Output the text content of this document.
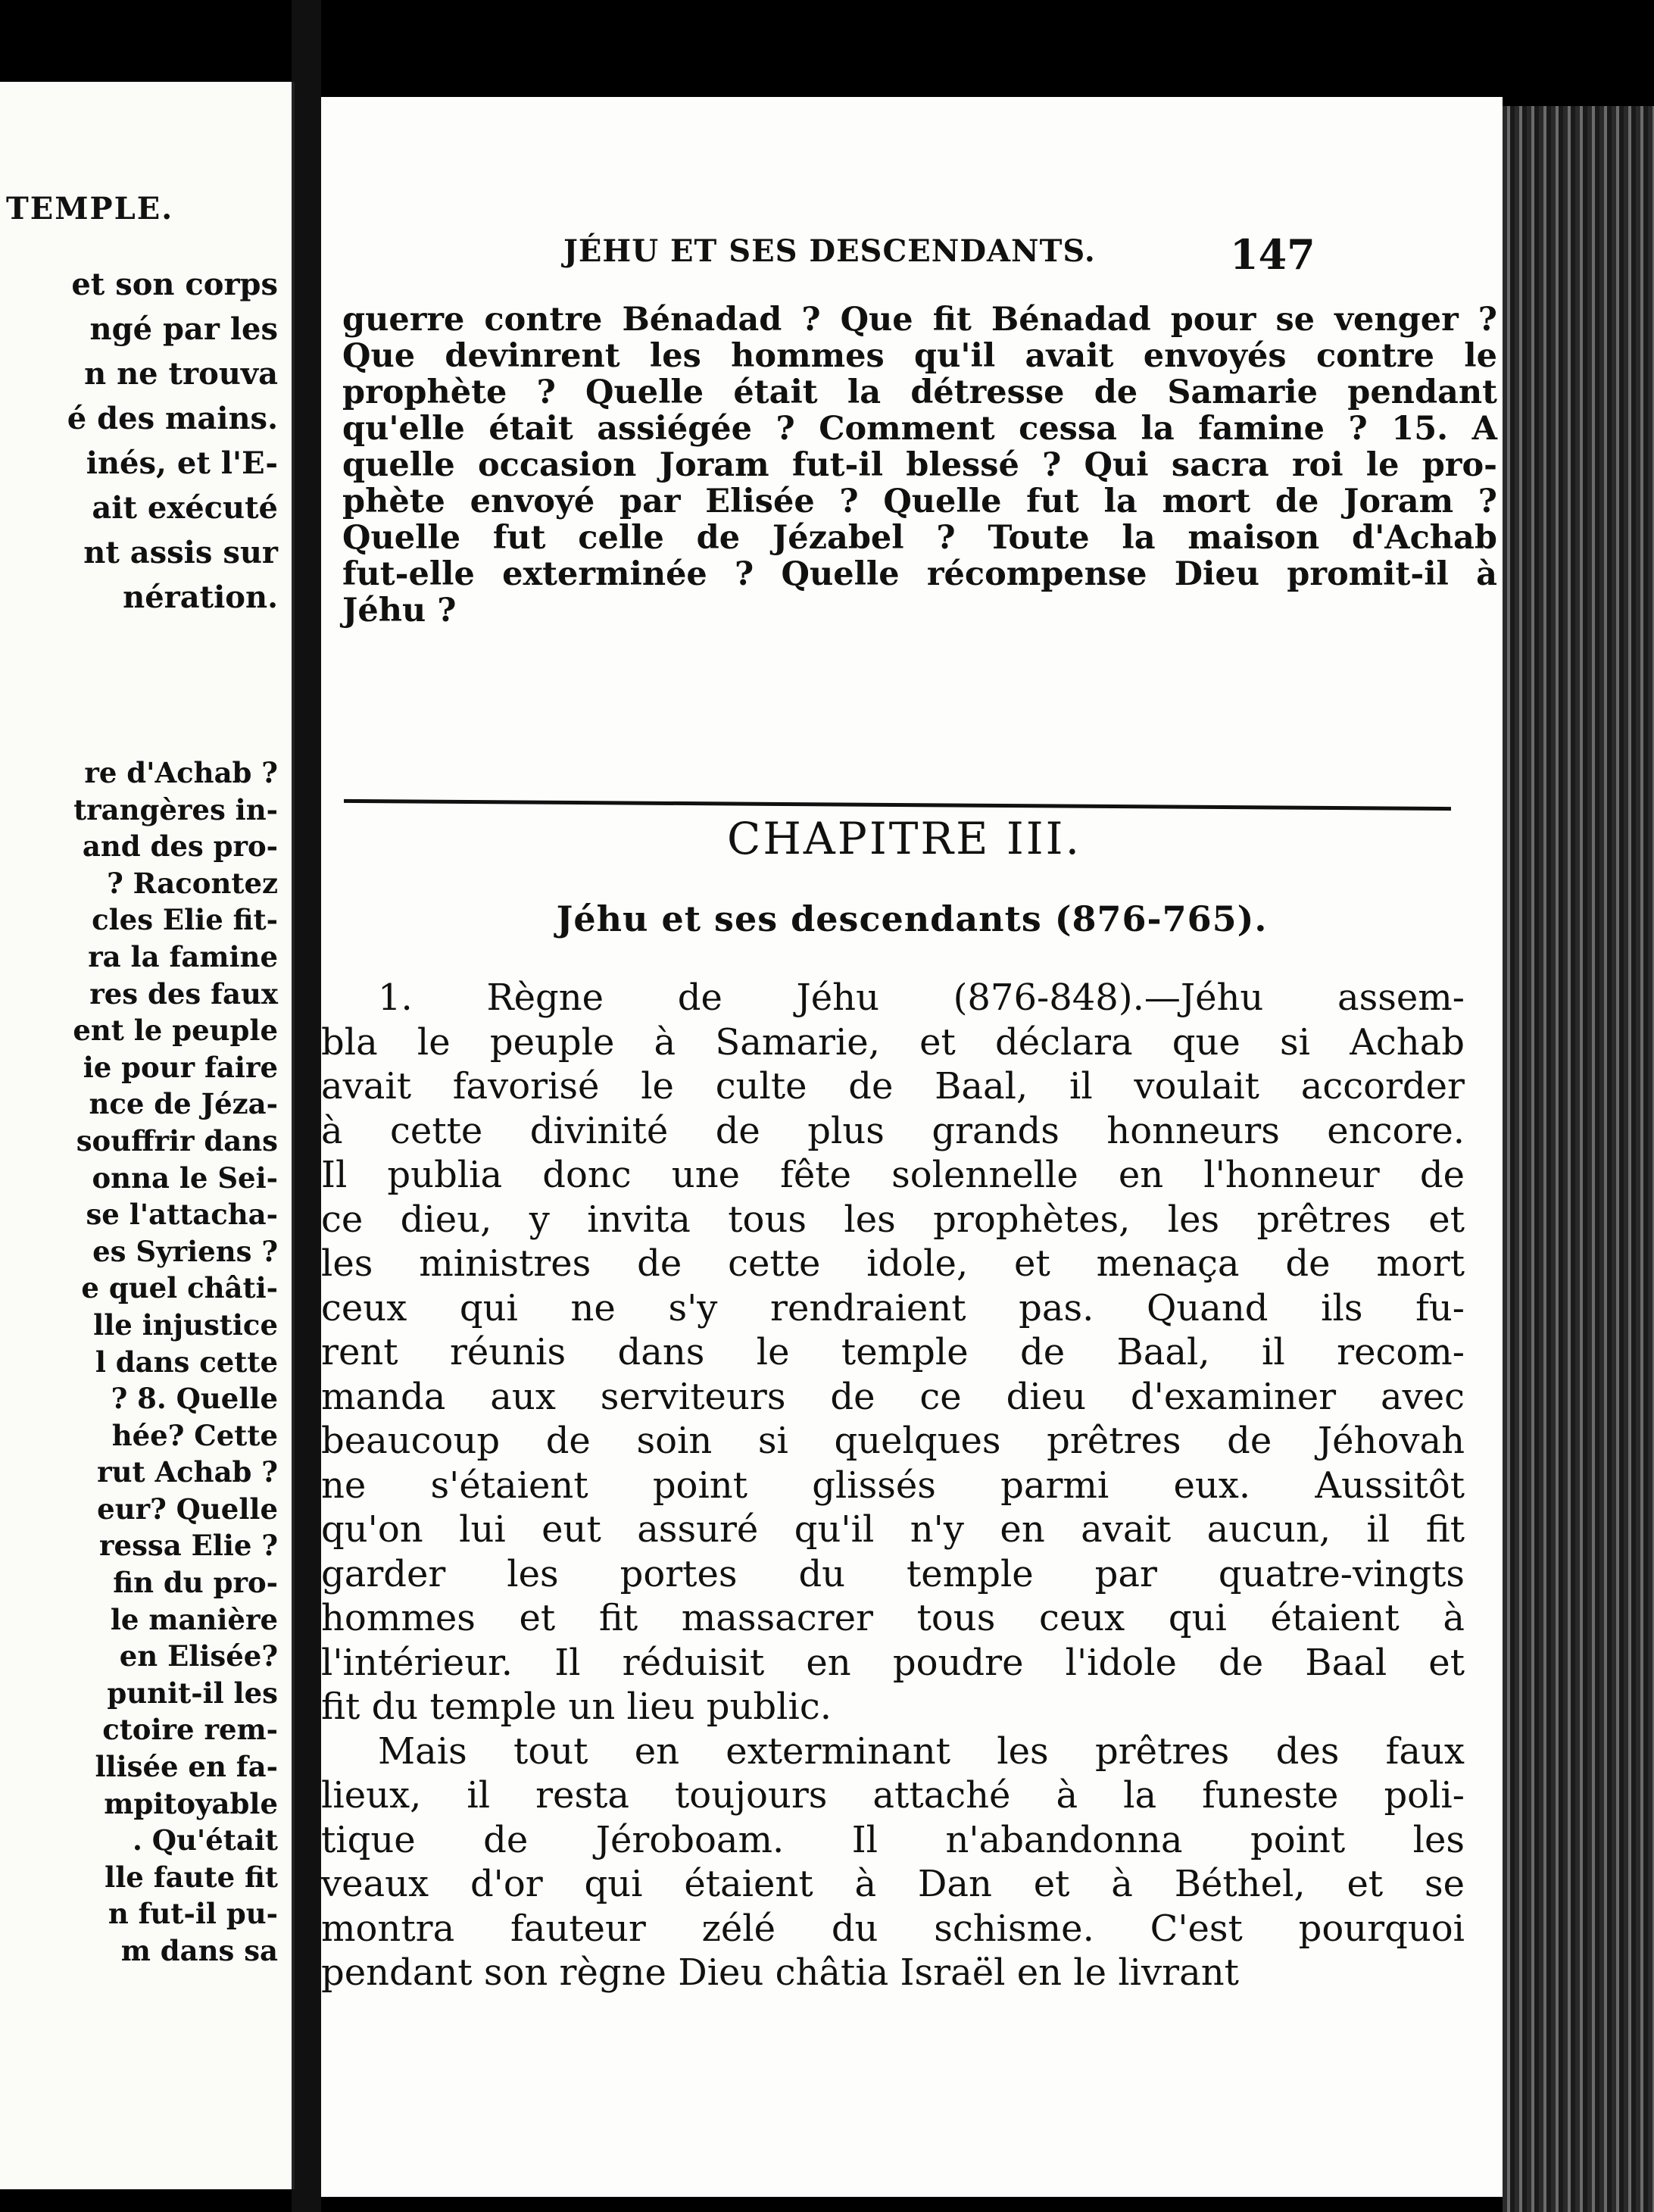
TEMPLE.
et son corps
ngé par les
n ne trouva
é des mains.
inés, et l'E-
ait exécuté
nt assis sur
nération.
re d'Achab ?
trangères in-
and des pro-
? Racontez
cles Elie fit-
ra la famine
res des faux
ent le peuple
ie pour faire
nce de Jéza-
souffrir dans
onna le Sei-
se l'attacha-
es Syriens ?
e quel châti-
lle injustice
l dans cette
? 8. Quelle
hée? Cette
rut Achab ?
eur? Quelle
ressa Elie ?
fin du pro-
le manière
en Elisée?
punit-il les
ctoire rem-
llisée en fa-
mpitoyable
. Qu'était
lle faute fit
n fut-il pu-
m dans sa
JÉHU ET SES DESCENDANTS.	147
guerre contre Bénadad ? Que fit Bénadad pour se venger ?
Que devinrent les hommes qu'il avait envoyés contre le
prophète ? Quelle était la détresse de Samarie pendant
qu'elle était assiégée ? Comment cessa la famine ? 15. A
quelle occasion Joram fut-il blessé ? Qui sacra roi le pro-
phète envoyé par Elisée ? Quelle fut la mort de Joram ?
Quelle fut celle de Jézabel ? Toute la maison d'Achab
fut-elle exterminée ? Quelle récompense Dieu promit-il à
Jéhu ?
CHAPITRE III.
Jéhu et ses descendants (876-765).
1. Règne de Jéhu (876-848).—Jéhu assem-
bla le peuple à Samarie, et déclara que si Achab
avait favorisé le culte de Baal, il voulait accorder
à cette divinité de plus grands honneurs encore.
Il publia donc une fête solennelle en l'honneur de
ce dieu, y invita tous les prophètes, les prêtres et
les ministres de cette idole, et menaça de mort
ceux qui ne s'y rendraient pas. Quand ils fu-
rent réunis dans le temple de Baal, il recom-
manda aux serviteurs de ce dieu d'examiner avec
beaucoup de soin si quelques prêtres de Jéhovah
ne s'étaient point glissés parmi eux. Aussitôt
qu'on lui eut assuré qu'il n'y en avait aucun, il fit
garder les portes du temple par quatre-vingts
hommes et fit massacrer tous ceux qui étaient à
l'intérieur. Il réduisit en poudre l'idole de Baal et
fit du temple un lieu public.
Mais tout en exterminant les prêtres des faux
lieux, il resta toujours attaché à la funeste poli-
tique de Jéroboam. Il n'abandonna point les
veaux d'or qui étaient à Dan et à Béthel, et se
montra fauteur zélé du schisme. C'est pourquoi
pendant son règne Dieu châtia Israël en le livrant
